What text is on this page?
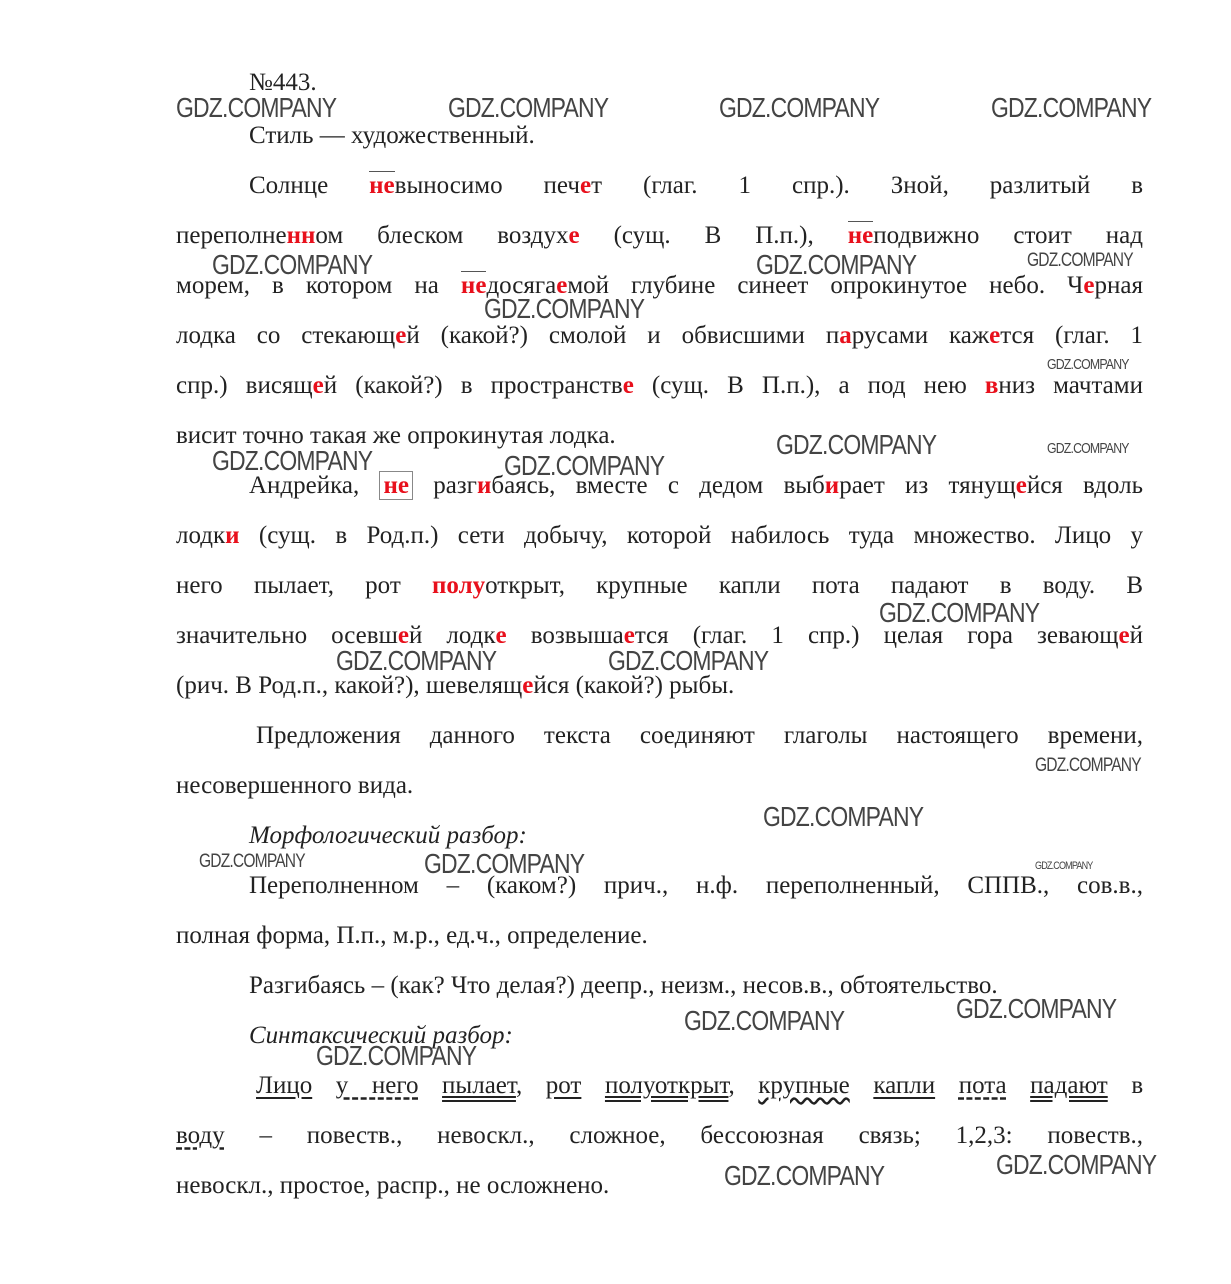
№443.
Стиль — художественный.
Солнце невыносимо печет (глаг. 1 спр.). Зной, разлитый в
переполненном блеском воздухе (сущ. В П.п.), неподвижно стоит над
морем, в котором на недосягаемой глубине синеет опрокинутое небо. Черная
лодка со стекающей (какой?) смолой и обвисшими парусами кажется (глаг. 1
спр.) висящей (какой?) в пространстве (сущ. В П.п.), а под нею вниз мачтами
висит точно такая же опрокинутая лодка.
Андрейка, не разгибаясь, вместе с дедом выбирает из тянущейся вдоль
лодки (сущ. в Род.п.) сети добычу, которой набилось туда множество. Лицо у
него пылает, рот полуоткрыт, крупные капли пота падают в воду. В
значительно осевшей лодке возвышается (глаг. 1 спр.) целая гора зевающей
(рич. В Род.п., какой?), шевелящейся (какой?) рыбы.
Предложения данного текста соединяют глаголы настоящего времени,
несовершенного вида.
Морфологический разбор:
Переполненном – (каком?) прич., н.ф. переполненный, СППВ., сов.в.,
полная форма, П.п., м.р., ед.ч., определение.
Разгибаясь – (как? Что делая?) деепр., неизм., несов.в., обтоятельство.
Синтаксический разбор:
Лицо у него пылает, рот полуоткрыт, крупные капли пота падают в
воду – повеств., невоскл., сложное, бессоюзная связь; 1,2,3: повеств.,
невоскл., простое, распр., не осложнено.
GDZ.COMPANY	GDZ.COMPANY	GDZ.COMPANY	GDZ.COMPANY
GDZ.COMPANY	GDZ.COMPANY	GDZ.COMPANY
GDZ.COMPANY
GDZ.COMPANY
GDZ.COMPANY	GDZ.COMPANY
GDZ.COMPANY	GDZ.COMPANY
GDZ.COMPANY
GDZ.COMPANY	GDZ.COMPANY
GDZ.COMPANY
GDZ.COMPANY
GDZ.COMPANY	GDZ.COMPANY	GDZ.COMPANY
GDZ.COMPANY
GDZ.COMPANY
GDZ.COMPANY
GDZ.COMPANY
GDZ.COMPANY
